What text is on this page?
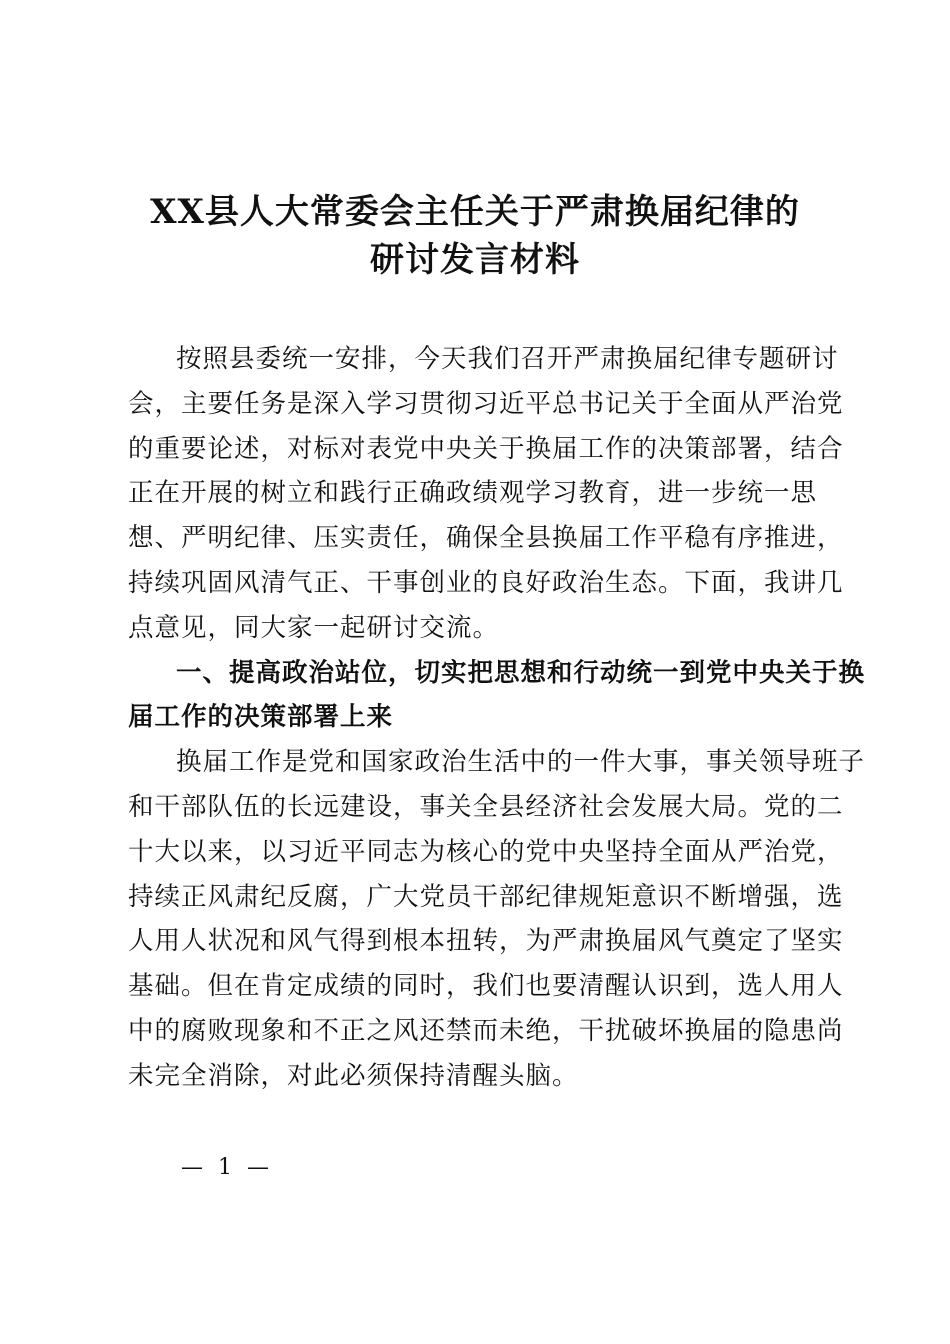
XX县人大常委会主任关于严肃换届纪律的
研讨发言材料
按照县委统一安排，今天我们召开严肃换届纪律专题研讨
会，主要任务是深入学习贯彻习近平总书记关于全面从严治党
的重要论述，对标对表党中央关于换届工作的决策部署，结合
正在开展的树立和践行正确政绩观学习教育，进一步统一思
想、严明纪律、压实责任，确保全县换届工作平稳有序推进，
持续巩固风清气正、干事创业的良好政治生态。下面，我讲几
点意见，同大家一起研讨交流。
一、提高政治站位，切实把思想和行动统一到党中央关于换
届工作的决策部署上来
换届工作是党和国家政治生活中的一件大事，事关领导班子
和干部队伍的长远建设，事关全县经济社会发展大局。党的二
十大以来，以习近平同志为核心的党中央坚持全面从严治党，
持续正风肃纪反腐，广大党员干部纪律规矩意识不断增强，选
人用人状况和风气得到根本扭转，为严肃换届风气奠定了坚实
基础。但在肯定成绩的同时，我们也要清醒认识到，选人用人
中的腐败现象和不正之风还禁而未绝，干扰破坏换届的隐患尚
未完全消除，对此必须保持清醒头脑。
— 1 —
